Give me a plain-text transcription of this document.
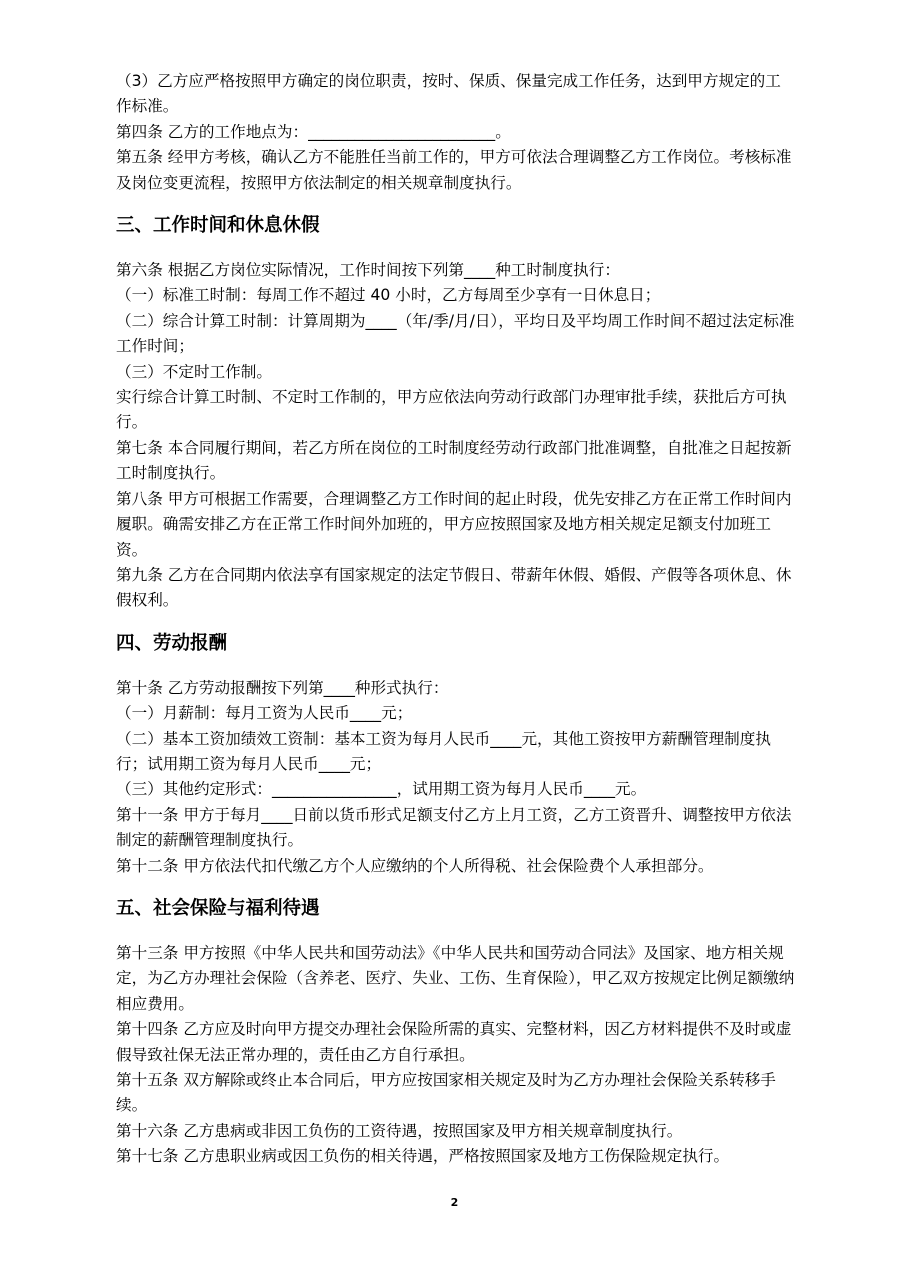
（3）乙方应严格按照甲方确定的岗位职责，按时、保质、保量完成工作任务，达到甲方规定的工作标准。

第四条 乙方的工作地点为：________________________。

第五条 经甲方考核，确认乙方不能胜任当前工作的，甲方可依法合理调整乙方工作岗位。考核标准及岗位变更流程，按照甲方依法制定的相关规章制度执行。

三、工作时间和休息休假

第六条 根据乙方岗位实际情况，工作时间按下列第____种工时制度执行：

（一）标准工时制：每周工作不超过 40 小时，乙方每周至少享有一日休息日；

（二）综合计算工时制：计算周期为____（年/季/月/日），平均日及平均周工作时间不超过法定标准工作时间；

（三）不定时工作制。

实行综合计算工时制、不定时工作制的，甲方应依法向劳动行政部门办理审批手续，获批后方可执行。

第七条 本合同履行期间，若乙方所在岗位的工时制度经劳动行政部门批准调整，自批准之日起按新工时制度执行。

第八条 甲方可根据工作需要，合理调整乙方工作时间的起止时段，优先安排乙方在正常工作时间内履职。确需安排乙方在正常工作时间外加班的，甲方应按照国家及地方相关规定足额支付加班工资。

第九条 乙方在合同期内依法享有国家规定的法定节假日、带薪年休假、婚假、产假等各项休息、休假权利。

四、劳动报酬

第十条 乙方劳动报酬按下列第____种形式执行：

（一）月薪制：每月工资为人民币____元；

（二）基本工资加绩效工资制：基本工资为每月人民币____元，其他工资按甲方薪酬管理制度执行；试用期工资为每月人民币____元；

（三）其他约定形式：________________，试用期工资为每月人民币____元。

第十一条 甲方于每月____日前以货币形式足额支付乙方上月工资，乙方工资晋升、调整按甲方依法制定的薪酬管理制度执行。

第十二条 甲方依法代扣代缴乙方个人应缴纳的个人所得税、社会保险费个人承担部分。

五、社会保险与福利待遇

第十三条 甲方按照《中华人民共和国劳动法》《中华人民共和国劳动合同法》及国家、地方相关规定，为乙方办理社会保险（含养老、医疗、失业、工伤、生育保险），甲乙双方按规定比例足额缴纳相应费用。

第十四条 乙方应及时向甲方提交办理社会保险所需的真实、完整材料，因乙方材料提供不及时或虚假导致社保无法正常办理的，责任由乙方自行承担。

第十五条 双方解除或终止本合同后，甲方应按国家相关规定及时为乙方办理社会保险关系转移手续。

第十六条 乙方患病或非因工负伤的工资待遇，按照国家及甲方相关规章制度执行。

第十七条 乙方患职业病或因工负伤的相关待遇，严格按照国家及地方工伤保险规定执行。

2
